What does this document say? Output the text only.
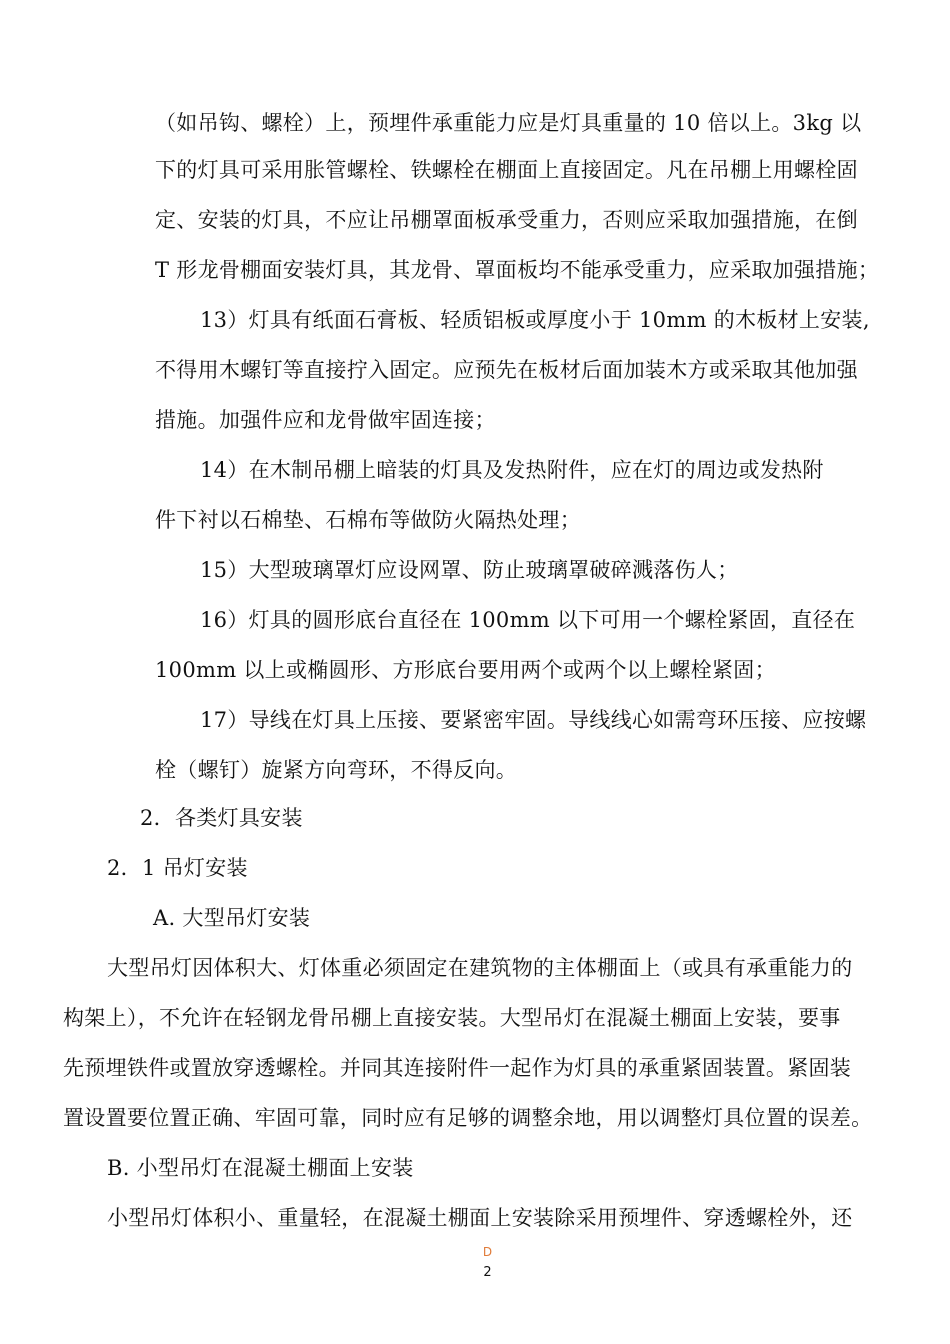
（如吊钩、螺栓）上，预埋件承重能力应是灯具重量的 10 倍以上。3kg 以
下的灯具可采用胀管螺栓、铁螺栓在棚面上直接固定。凡在吊棚上用螺栓固
定、安装的灯具，不应让吊棚罩面板承受重力，否则应采取加强措施，在倒
T 形龙骨棚面安装灯具，其龙骨、罩面板均不能承受重力，应采取加强措施；
13）灯具有纸面石膏板、轻质铝板或厚度小于 10mm 的木板材上安装,
不得用木螺钉等直接拧入固定。应预先在板材后面加装木方或采取其他加强
措施。加强件应和龙骨做牢固连接；
14）在木制吊棚上暗装的灯具及发热附件，应在灯的周边或发热附
件下衬以石棉垫、石棉布等做防火隔热处理；
15）大型玻璃罩灯应设网罩、防止玻璃罩破碎溅落伤人；
16）灯具的圆形底台直径在 100mm 以下可用一个螺栓紧固，直径在
100mm 以上或椭圆形、方形底台要用两个或两个以上螺栓紧固；
17）导线在灯具上压接、要紧密牢固。导线线心如需弯环压接、应按螺
栓（螺钉）旋紧方向弯环，不得反向。
2．各类灯具安装
2．1 吊灯安装
A. 大型吊灯安装
大型吊灯因体积大、灯体重必须固定在建筑物的主体棚面上（或具有承重能力的
构架上），不允许在轻钢龙骨吊棚上直接安装。大型吊灯在混凝土棚面上安装，要事
先预埋铁件或置放穿透螺栓。并同其连接附件一起作为灯具的承重紧固装置。紧固装
置设置要位置正确、牢固可靠，同时应有足够的调整余地，用以调整灯具位置的误差。
B. 小型吊灯在混凝土棚面上安装
小型吊灯体积小、重量轻，在混凝土棚面上安装除采用预埋件、穿透螺栓外，还
D
2
